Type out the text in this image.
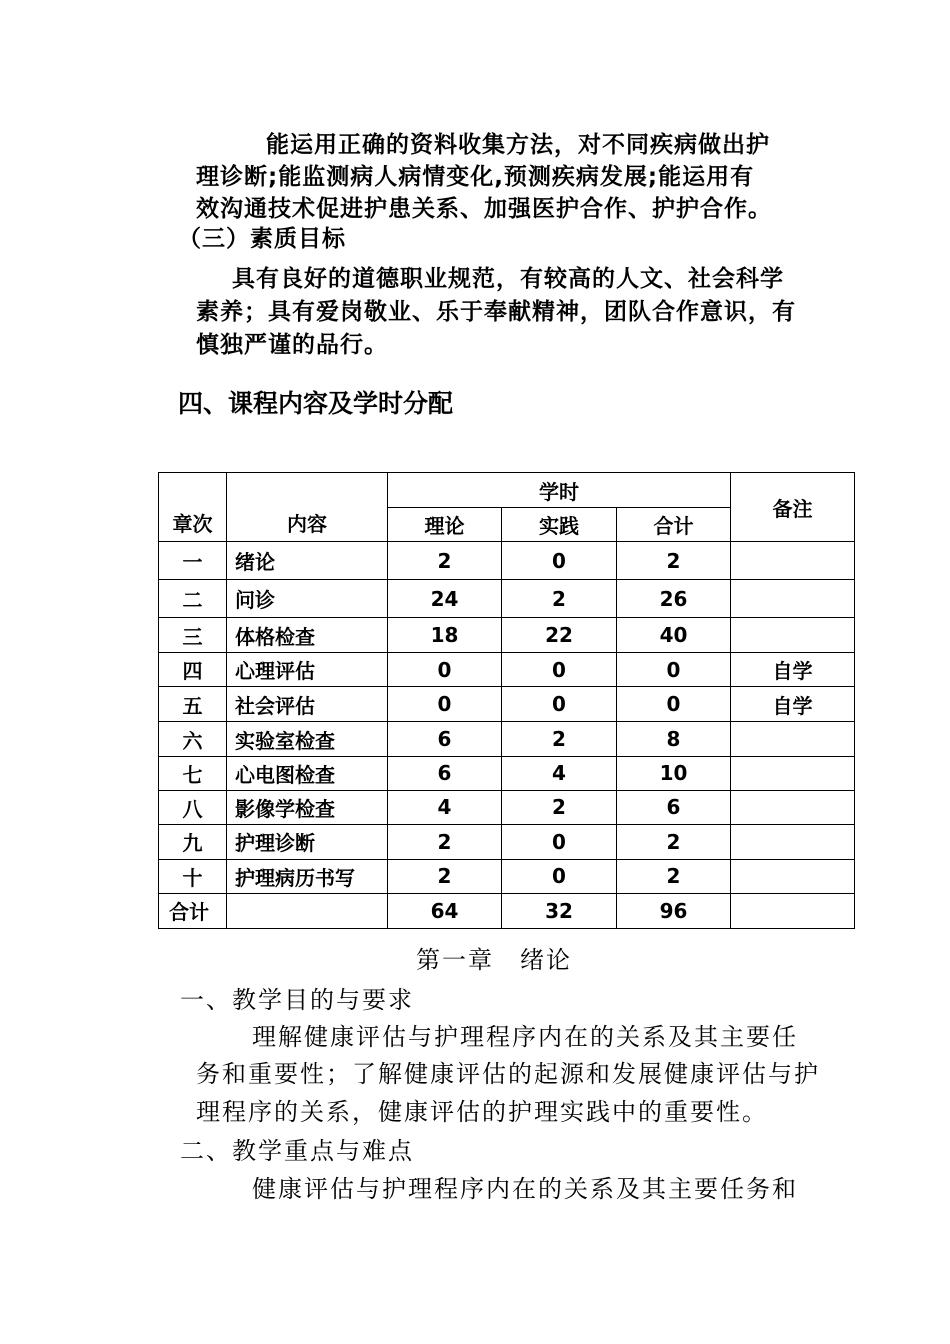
能运用正确的资料收集方法，对不同疾病做出护

理诊断;能监测病人病情变化,预测疾病发展;能运用有

效沟通技术促进护患关系、加强医护合作、护护合作。

（三）素质目标

具有良好的道德职业规范，有较高的人文、社会科学

素养；具有爱岗敬业、乐于奉献精神，团队合作意识，有

慎独严谨的品行。

四、课程内容及学时分配

章次	内容	学时			备注
		理论	实践	合计	
一	绪论	2	0	2	
二	问诊	24	2	26	
三	体格检查	18	22	40	
四	心理评估	0	0	0	自学
五	社会评估	0	0	0	自学
六	实验室检查	6	2	8	
七	心电图检查	6	4	10	
八	影像学检查	4	2	6	
九	护理诊断	2	0	2	
十	护理病历书写	2	0	2	
合计		64	32	96	

第一章　绪论

一、教学目的与要求

理解健康评估与护理程序内在的关系及其主要任

务和重要性；了解健康评估的起源和发展健康评估与护

理程序的关系，健康评估的护理实践中的重要性。

二、教学重点与难点

健康评估与护理程序内在的关系及其主要任务和
